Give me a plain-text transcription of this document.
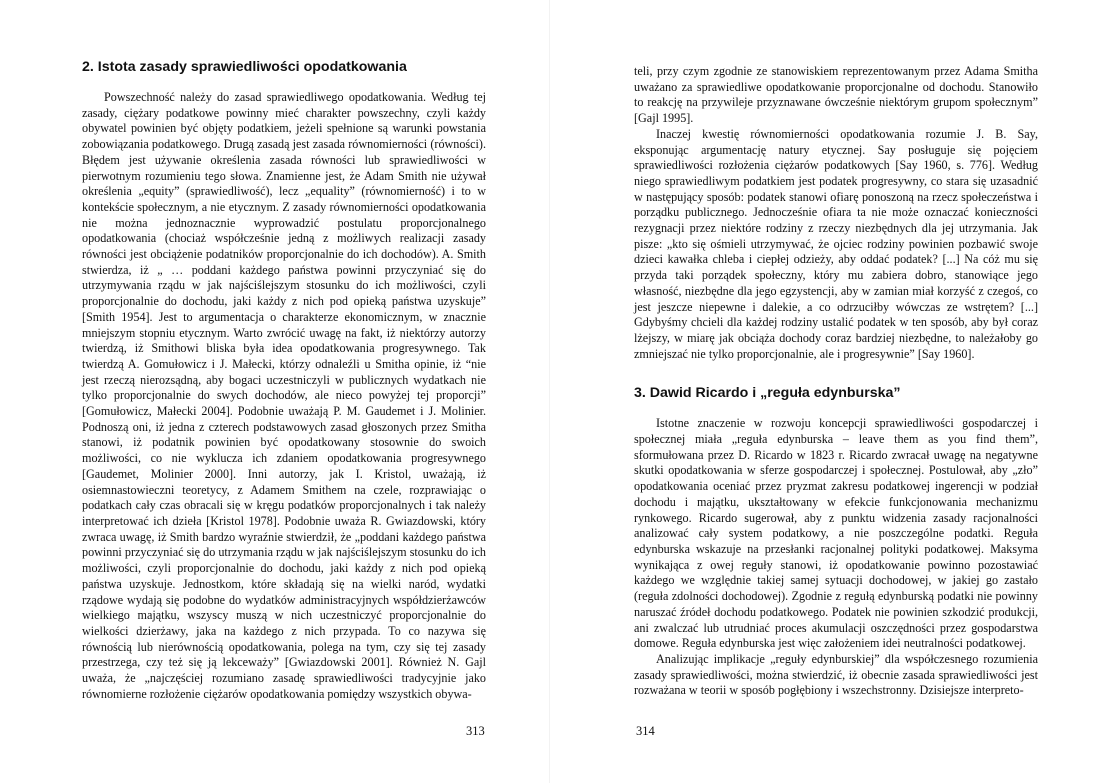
2. Istota zasady sprawiedliwości opodatkowania

Powszechność należy do zasad sprawiedliwego opodatkowania. Według tej zasady, ciężary podatkowe powinny mieć charakter powszechny, czyli każdy obywatel powinien być objęty podatkiem, jeżeli spełnione są warunki powstania zobowiązania podatkowego. Drugą zasadą jest zasada równomierności (równości). Błędem jest używanie określenia zasada równości lub sprawiedliwości w pierwotnym rozumieniu tego słowa. Znamienne jest, że Adam Smith nie używał określenia „equity” (sprawiedliwość), lecz „equality” (równomierność) i to w kontekście społecznym, a nie etycznym. Z zasady równomierności opodatkowania nie można jednoznacznie wyprowadzić postulatu proporcjonalnego opodatkowania (chociaż współcześnie jedną z możliwych realizacji zasady równości jest obciążenie podatników proporcjonalnie do ich dochodów). A. Smith stwierdza, iż „ … poddani każdego państwa powinni przyczyniać się do utrzymywania rządu w jak najściślejszym stosunku do ich możliwości, czyli proporcjonalnie do dochodu, jaki każdy z nich pod opieką państwa uzyskuje” [Smith 1954]. Jest to argumentacja o charakterze ekonomicznym, w znacznie mniejszym stopniu etycznym. Warto zwrócić uwagę na fakt, iż niektórzy autorzy twierdzą, iż Smithowi bliska była idea opodatkowania progresywnego. Tak twierdzą A. Gomułowicz i J. Małecki, którzy odnaleźli u Smitha opinie, iż “nie jest rzeczą nierozsądną, aby bogaci uczestniczyli w publicznych wydatkach nie tylko proporcjonalnie do swych dochodów, ale nieco powyżej tej proporcji” [Gomułowicz, Małecki 2004]. Podobnie uważają P. M. Gaudemet i J. Molinier. Podnoszą oni, iż jedna z czterech podstawowych zasad głoszonych przez Smitha stanowi, iż podatnik powinien być opodatkowany stosownie do swoich możliwości, co nie wyklucza ich zdaniem opodatkowania progresywnego [Gaudemet, Molinier 2000]. Inni autorzy, jak I. Kristol, uważają, iż osiemnastowieczni teoretycy, z Adamem Smithem na czele, rozprawiając o podatkach cały czas obracali się w kręgu podatków proporcjonalnych i tak należy interpretować ich dzieła [Kristol 1978]. Podobnie uważa R. Gwiazdowski, który zwraca uwagę, iż Smith bardzo wyraźnie stwierdził, że „poddani każdego państwa powinni przyczyniać się do utrzymania rządu w jak najściślejszym stosunku do ich możliwości, czyli proporcjonalnie do dochodu, jaki każdy z nich pod opieką państwa uzyskuje. Jednostkom, które składają się na wielki naród, wydatki rządowe wydają się podobne do wydatków administracyjnych współdzierżawców wielkiego majątku, wszyscy muszą w nich uczestniczyć proporcjonalnie do wielkości dzierżawy, jaka na każdego z nich przypada. To co nazywa się równością lub nierównością opodatkowania, polega na tym, czy się tej zasady przestrzega, czy też się ją lekceważy” [Gwiazdowski 2001]. Również N. Gajl uważa, że „najczęściej rozumiano zasadę sprawiedliwości tradycyjnie jako równomierne rozłożenie ciężarów opodatkowania pomiędzy wszystkich obywa-

313

teli, przy czym zgodnie ze stanowiskiem reprezentowanym przez Adama Smitha uważano za sprawiedliwe opodatkowanie proporcjonalne od dochodu. Stanowiło to reakcję na przywileje przyznawane ówcześnie niektórym grupom społecznym” [Gajl 1995].

Inaczej kwestię równomierności opodatkowania rozumie J. B. Say, eksponując argumentację natury etycznej. Say posługuje się pojęciem sprawiedliwości rozłożenia ciężarów podatkowych [Say 1960, s. 776]. Według niego sprawiedliwym podatkiem jest podatek progresywny, co stara się uzasadnić w następujący sposób: podatek stanowi ofiarę ponoszoną na rzecz społeczeństwa i porządku publicznego. Jednocześnie ofiara ta nie może oznaczać konieczności rezygnacji przez niektóre rodziny z rzeczy niezbędnych dla jej utrzymania. Jak pisze: „kto się ośmieli utrzymywać, że ojciec rodziny powinien pozbawić swoje dzieci kawałka chleba i ciepłej odzieży, aby oddać podatek? [...] Na cóż mu się przyda taki porządek społeczny, który mu zabiera dobro, stanowiące jego własność, niezbędne dla jego egzystencji, aby w zamian miał korzyść z czegoś, co jest jeszcze niepewne i dalekie, a co odrzuciłby wówczas ze wstrętem? [...] Gdybyśmy chcieli dla każdej rodziny ustalić podatek w ten sposób, aby był coraz lżejszy, w miarę jak obciąża dochody coraz bardziej niezbędne, to należałoby go zmniejszać nie tylko proporcjonalnie, ale i progresywnie” [Say 1960].

3. Dawid Ricardo i „reguła edynburska”

Istotne znaczenie w rozwoju koncepcji sprawiedliwości gospodarczej i społecznej miała „reguła edynburska – leave them as you find them”, sformułowana przez D. Ricardo w 1823 r. Ricardo zwracał uwagę na negatywne skutki opodatkowania w sferze gospodarczej i społecznej. Postulował, aby „zło” opodatkowania oceniać przez pryzmat zakresu podatkowej ingerencji w podział dochodu i majątku, ukształtowany w efekcie funkcjonowania mechanizmu rynkowego. Ricardo sugerował, aby z punktu widzenia zasady racjonalności analizować cały system podatkowy, a nie poszczególne podatki. Reguła edynburska wskazuje na przesłanki racjonalnej polityki podatkowej. Maksyma wynikająca z owej reguły stanowi, iż opodatkowanie powinno pozostawiać każdego we względnie takiej samej sytuacji dochodowej, w jakiej go zastało (reguła zdolności dochodowej). Zgodnie z regułą edynburską podatki nie powinny naruszać źródeł dochodu podatkowego. Podatek nie powinien szkodzić produkcji, ani zwalczać lub utrudniać proces akumulacji oszczędności przez gospodarstwa domowe. Reguła edynburska jest więc założeniem idei neutralności podatkowej.

Analizując implikacje „reguły edynburskiej” dla współczesnego rozumienia zasady sprawiedliwości, można stwierdzić, iż obecnie zasada sprawiedliwości jest rozważana w teorii w sposób pogłębiony i wszechstronny. Dzisiejsze interpreto-

314
